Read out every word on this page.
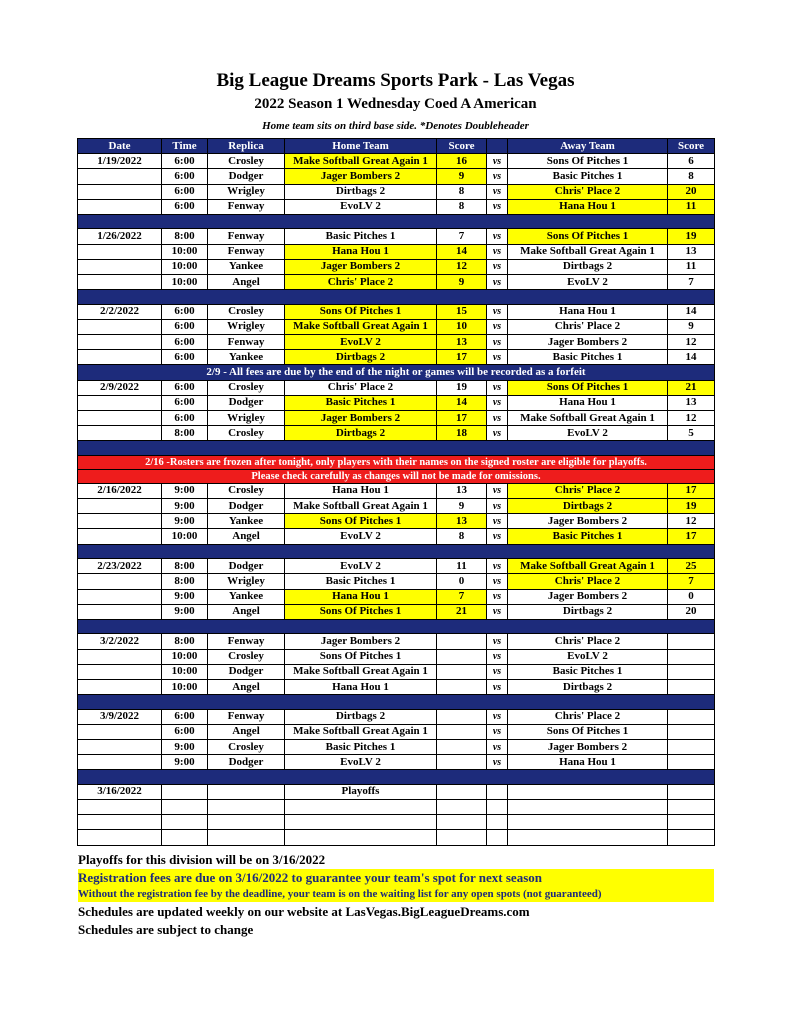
Big League Dreams Sports Park - Las Vegas
2022 Season 1 Wednesday Coed A American
Home team sits on third base side. *Denotes Doubleheader
Date	Time	Replica	Home Team	Score		Away Team	Score
1/19/2022	6:00	Crosley	Make Softball Great Again 1	16	vs	Sons Of Pitches 1	6
	6:00	Dodger	Jager Bombers 2	9	vs	Basic Pitches 1	8
	6:00	Wrigley	Dirtbags 2	8	vs	Chris' Place 2	20
	6:00	Fenway	EvoLV 2	8	vs	Hana Hou 1	11

1/26/2022	8:00	Fenway	Basic Pitches 1	7	vs	Sons Of Pitches 1	19
	10:00	Fenway	Hana Hou 1	14	vs	Make Softball Great Again 1	13
	10:00	Yankee	Jager Bombers 2	12	vs	Dirtbags 2	11
	10:00	Angel	Chris' Place 2	9	vs	EvoLV 2	7

2/2/2022	6:00	Crosley	Sons Of Pitches 1	15	vs	Hana Hou 1	14
	6:00	Wrigley	Make Softball Great Again 1	10	vs	Chris' Place 2	9
	6:00	Fenway	EvoLV 2	13	vs	Jager Bombers 2	12
	6:00	Yankee	Dirtbags 2	17	vs	Basic Pitches 1	14
2/9 - All fees are due by the end of the night or games will be recorded as a forfeit							
2/9/2022	6:00	Crosley	Chris' Place 2	19	vs	Sons Of Pitches 1	21
	6:00	Dodger	Basic Pitches 1	14	vs	Hana Hou 1	13
	6:00	Wrigley	Jager Bombers 2	17	vs	Make Softball Great Again 1	12
	8:00	Crosley	Dirtbags 2	18	vs	EvoLV 2	5

2/16 -Rosters are frozen after tonight, only players with their names on the signed roster are eligible for playoffs.							
Please check carefully as changes will not be made for omissions.							
2/16/2022	9:00	Crosley	Hana Hou 1	13	vs	Chris' Place 2	17
	9:00	Dodger	Make Softball Great Again 1	9	vs	Dirtbags 2	19
	9:00	Yankee	Sons Of Pitches 1	13	vs	Jager Bombers 2	12
	10:00	Angel	EvoLV 2	8	vs	Basic Pitches 1	17

2/23/2022	8:00	Dodger	EvoLV 2	11	vs	Make Softball Great Again 1	25
	8:00	Wrigley	Basic Pitches 1	0	vs	Chris' Place 2	7
	9:00	Yankee	Hana Hou 1	7	vs	Jager Bombers 2	0
	9:00	Angel	Sons Of Pitches 1	21	vs	Dirtbags 2	20

3/2/2022	8:00	Fenway	Jager Bombers 2		vs	Chris' Place 2	
	10:00	Crosley	Sons Of Pitches 1		vs	EvoLV 2	
	10:00	Dodger	Make Softball Great Again 1		vs	Basic Pitches 1	
	10:00	Angel	Hana Hou 1		vs	Dirtbags 2	

3/9/2022	6:00	Fenway	Dirtbags 2		vs	Chris' Place 2	
	6:00	Angel	Make Softball Great Again 1		vs	Sons Of Pitches 1	
	9:00	Crosley	Basic Pitches 1		vs	Jager Bombers 2	
	9:00	Dodger	EvoLV 2		vs	Hana Hou 1	

3/16/2022			Playoffs				

Playoffs for this division will be on 3/16/2022
Registration fees are due on 3/16/2022 to guarantee your team's spot for next season
Without the registration fee by the deadline, your team is on the waiting list for any open spots (not guaranteed)
Schedules are updated weekly on our website at LasVegas.BigLeagueDreams.com
Schedules are subject to change
